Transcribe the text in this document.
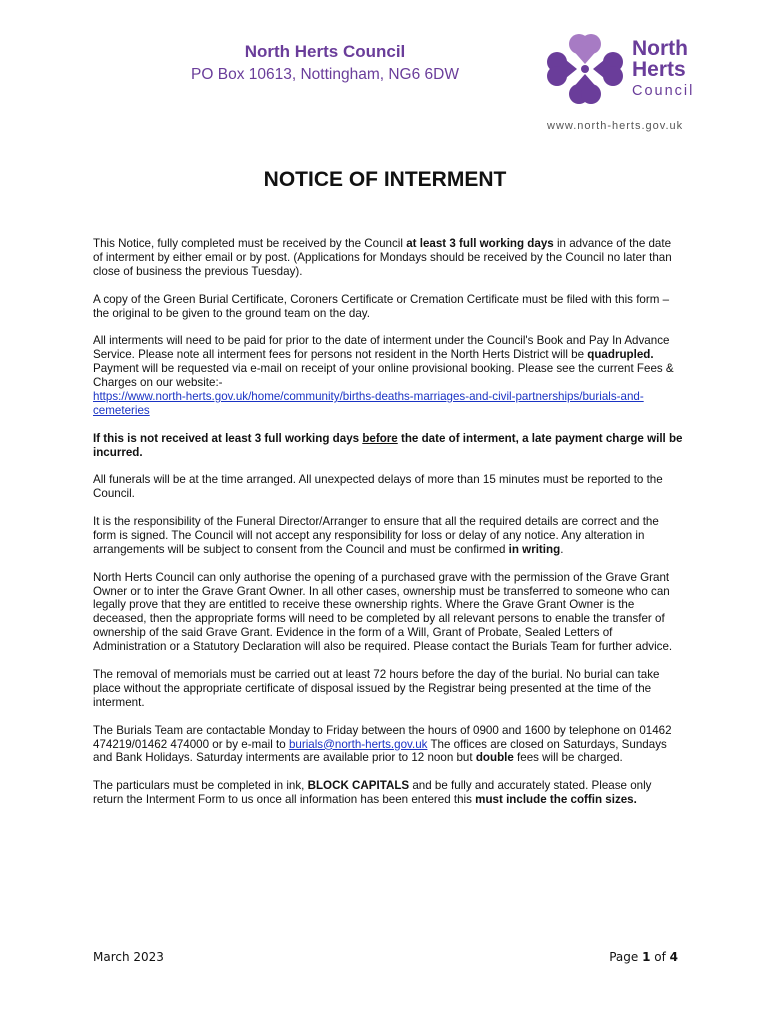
North Herts Council
PO Box 10613, Nottingham, NG6 6DW
North
Herts
Council
www.north-herts.gov.uk
NOTICE OF INTERMENT

This Notice, fully completed must be received by the Council at least 3 full working days in advance of the date of interment by either email or by post. (Applications for Mondays should be received by the Council no later than close of business the previous Tuesday).

A copy of the Green Burial Certificate, Coroners Certificate or Cremation Certificate must be filed with this form – the original to be given to the ground team on the day.

All interments will need to be paid for prior to the date of interment under the Council's Book and Pay In Advance Service. Please note all interment fees for persons not resident in the North Herts District will be quadrupled. Payment will be requested via e-mail on receipt of your online provisional booking. Please see the current Fees & Charges on our website:-
https://www.north-herts.gov.uk/home/community/births-deaths-marriages-and-civil-partnerships/burials-and-cemeteries

If this is not received at least 3 full working days before the date of interment, a late payment charge will be incurred.

All funerals will be at the time arranged. All unexpected delays of more than 15 minutes must be reported to the Council.

It is the responsibility of the Funeral Director/Arranger to ensure that all the required details are correct and the form is signed. The Council will not accept any responsibility for loss or delay of any notice. Any alteration in arrangements will be subject to consent from the Council and must be confirmed in writing.

North Herts Council can only authorise the opening of a purchased grave with the permission of the Grave Grant Owner or to inter the Grave Grant Owner. In all other cases, ownership must be transferred to someone who can legally prove that they are entitled to receive these ownership rights. Where the Grave Grant Owner is the deceased, then the appropriate forms will need to be completed by all relevant persons to enable the transfer of ownership of the said Grave Grant. Evidence in the form of a Will, Grant of Probate, Sealed Letters of Administration or a Statutory Declaration will also be required. Please contact the Burials Team for further advice.

The removal of memorials must be carried out at least 72 hours before the day of the burial. No burial can take place without the appropriate certificate of disposal issued by the Registrar being presented at the time of the interment.

The Burials Team are contactable Monday to Friday between the hours of 0900 and 1600 by telephone on 01462 474219/01462 474000 or by e-mail to burials@north-herts.gov.uk The offices are closed on Saturdays, Sundays and Bank Holidays. Saturday interments are available prior to 12 noon but double fees will be charged.

The particulars must be completed in ink, BLOCK CAPITALS and be fully and accurately stated. Please only return the Interment Form to us once all information has been entered this must include the coffin sizes.

March 2023	Page 1 of 4
